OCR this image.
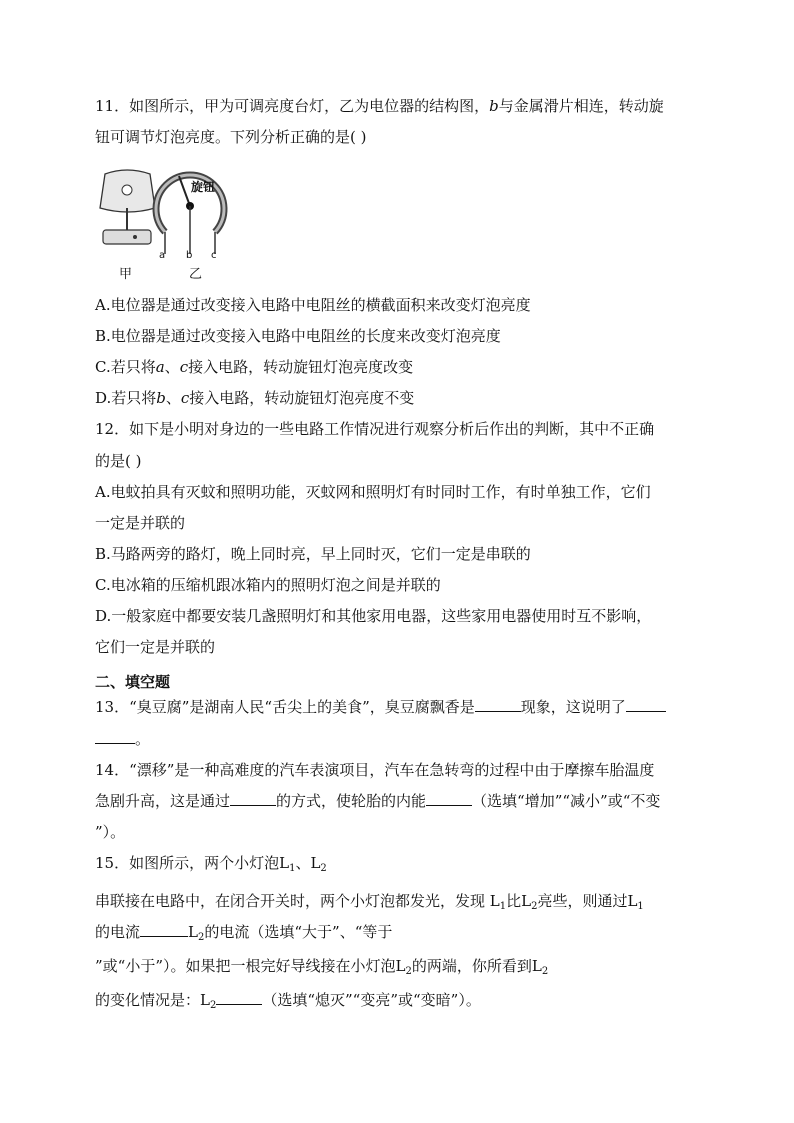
11．如图所示，甲为可调亮度台灯，乙为电位器的结构图，b与金属滑片相连，转动旋
钮可调节灯泡亮度。下列分析正确的是( )
旋钮
a b c
甲	乙
A.电位器是通过改变接入电路中电阻丝的横截面积来改变灯泡亮度
B.电位器是通过改变接入电路中电阻丝的长度来改变灯泡亮度
C.若只将a、c接入电路，转动旋钮灯泡亮度改变
D.若只将b、c接入电路，转动旋钮灯泡亮度不变
12．如下是小明对身边的一些电路工作情况进行观察分析后作出的判断，其中不正确
的是( )
A.电蚊拍具有灭蚊和照明功能，灭蚊网和照明灯有时同时工作，有时单独工作，它们
一定是并联的
B.马路两旁的路灯，晚上同时亮，早上同时灭，它们一定是串联的
C.电冰箱的压缩机跟冰箱内的照明灯泡之间是并联的
D.一般家庭中都要安装几盏照明灯和其他家用电器，这些家用电器使用时互不影响，
它们一定是并联的
二、填空题
13．“臭豆腐”是湖南人民“舌尖上的美食”，臭豆腐飘香是	现象，这说明了
。
14．“漂移”是一种高难度的汽车表演项目，汽车在急转弯的过程中由于摩擦车胎温度
急剧升高，这是通过	的方式，使轮胎的内能	（选填“增加”“减小”或“不变
”）。
15．如图所示，两个小灯泡$L_1$、$L_2$
串联接在电路中，在闭合开关时，两个小灯泡都发光，发现 $L_1$比$L_2$亮些，则通过$L_1$
的电流	$L_2$的电流（选填“大于”、“等于
”或“小于”）。如果把一根完好导线接在小灯泡$L_2$的两端，你所看到$L_2$
的变化情况是：$L_2$	（选填“熄灭”“变亮”或“变暗”）。
